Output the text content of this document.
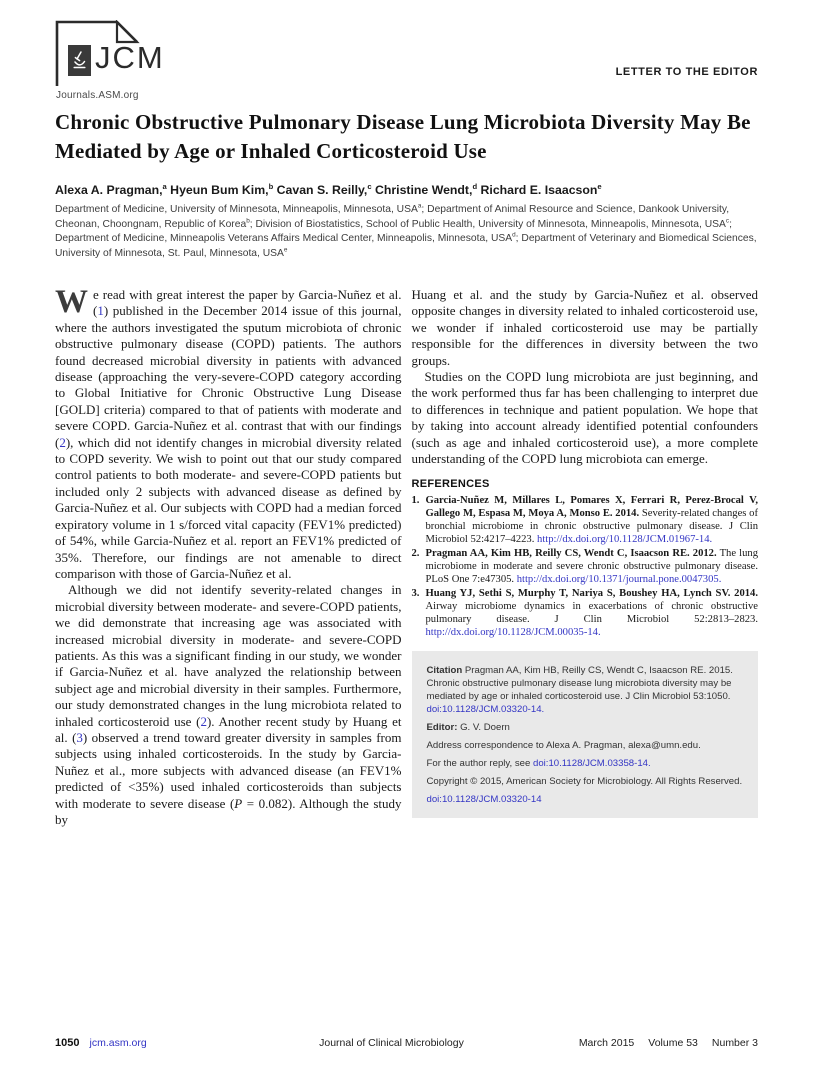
JCM
Journals.ASM.org
LETTER TO THE EDITOR
Chronic Obstructive Pulmonary Disease Lung Microbiota Diversity May Be Mediated by Age or Inhaled Corticosteroid Use
Alexa A. Pragman,$^a$ Hyeun Bum Kim,$^b$ Cavan S. Reilly,$^c$ Christine Wendt,$^d$ Richard E. Isaacson$^e$
Department of Medicine, University of Minnesota, Minneapolis, Minnesota, USA$^a$; Department of Animal Resource and Science, Dankook University, Cheonan, Choongnam, Republic of Korea$^b$; Division of Biostatistics, School of Public Health, University of Minnesota, Minneapolis, Minnesota, USA$^c$; Department of Medicine, Minneapolis Veterans Affairs Medical Center, Minneapolis, Minnesota, USA$^d$; Department of Veterinary and Biomedical Sciences, University of Minnesota, St. Paul, Minnesota, USA$^e$

We read with great interest the paper by Garcia-Nuñez et al. (1) published in the December 2014 issue of this journal, where the authors investigated the sputum microbiota of chronic obstructive pulmonary disease (COPD) patients. The authors found decreased microbial diversity in patients with advanced disease (approaching the very-severe-COPD category according to Global Initiative for Chronic Obstructive Lung Disease [GOLD] criteria) compared to that of patients with moderate and severe COPD. Garcia-Nuñez et al. contrast that with our findings (2), which did not identify changes in microbial diversity related to COPD severity. We wish to point out that our study compared control patients to both moderate- and severe-COPD patients but included only 2 subjects with advanced disease as defined by Garcia-Nuñez et al. Our subjects with COPD had a median forced expiratory volume in 1 s/forced vital capacity (FEV1% predicted) of 54%, while Garcia-Nuñez et al. report an FEV1% predicted of 35%. Therefore, our findings are not amenable to direct comparison with those of Garcia-Nuñez et al.

Although we did not identify severity-related changes in microbial diversity between moderate- and severe-COPD patients, we did demonstrate that increasing age was associated with increased microbial diversity in moderate- and severe-COPD patients. As this was a significant finding in our study, we wonder if Garcia-Nuñez et al. have analyzed the relationship between subject age and microbial diversity in their samples. Furthermore, our study demonstrated changes in the lung microbiota related to inhaled corticosteroid use (2). Another recent study by Huang et al. (3) observed a trend toward greater diversity in samples from subjects using inhaled corticosteroids. In the study by Garcia-Nuñez et al., more subjects with advanced disease (an FEV1% predicted of <35%) used inhaled corticosteroids than subjects with moderate to severe disease (P = 0.082). Although the study by

Huang et al. and the study by Garcia-Nuñez et al. observed opposite changes in diversity related to inhaled corticosteroid use, we wonder if inhaled corticosteroid use may be partially responsible for the differences in diversity between the two groups.

Studies on the COPD lung microbiota are just beginning, and the work performed thus far has been challenging to interpret due to differences in technique and patient population. We hope that by taking into account already identified potential confounders (such as age and inhaled corticosteroid use), a more complete understanding of the COPD lung microbiota can emerge.

REFERENCES
1. Garcia-Nuñez M, Millares L, Pomares X, Ferrari R, Perez-Brocal V, Gallego M, Espasa M, Moya A, Monso E. 2014. Severity-related changes of bronchial microbiome in chronic obstructive pulmonary disease. J Clin Microbiol 52:4217–4223. http://dx.doi.org/10.1128/JCM.01967-14.
2. Pragman AA, Kim HB, Reilly CS, Wendt C, Isaacson RE. 2012. The lung microbiome in moderate and severe chronic obstructive pulmonary disease. PLoS One 7:e47305. http://dx.doi.org/10.1371/journal.pone.0047305.
3. Huang YJ, Sethi S, Murphy T, Nariya S, Boushey HA, Lynch SV. 2014. Airway microbiome dynamics in exacerbations of chronic obstructive pulmonary disease. J Clin Microbiol 52:2813–2823. http://dx.doi.org/10.1128/JCM.00035-14.

Citation Pragman AA, Kim HB, Reilly CS, Wendt C, Isaacson RE. 2015. Chronic obstructive pulmonary disease lung microbiota diversity may be mediated by age or inhaled corticosteroid use. J Clin Microbiol 53:1050. doi:10.1128/JCM.03320-14.

Editor: G. V. Doern

Address correspondence to Alexa A. Pragman, alexa@umn.edu.

For the author reply, see doi:10.1128/JCM.03358-14.

Copyright © 2015, American Society for Microbiology. All Rights Reserved.

doi:10.1128/JCM.03320-14

1050 jcm.asm.org	Journal of Clinical Microbiology	March 2015 Volume 53 Number 3
